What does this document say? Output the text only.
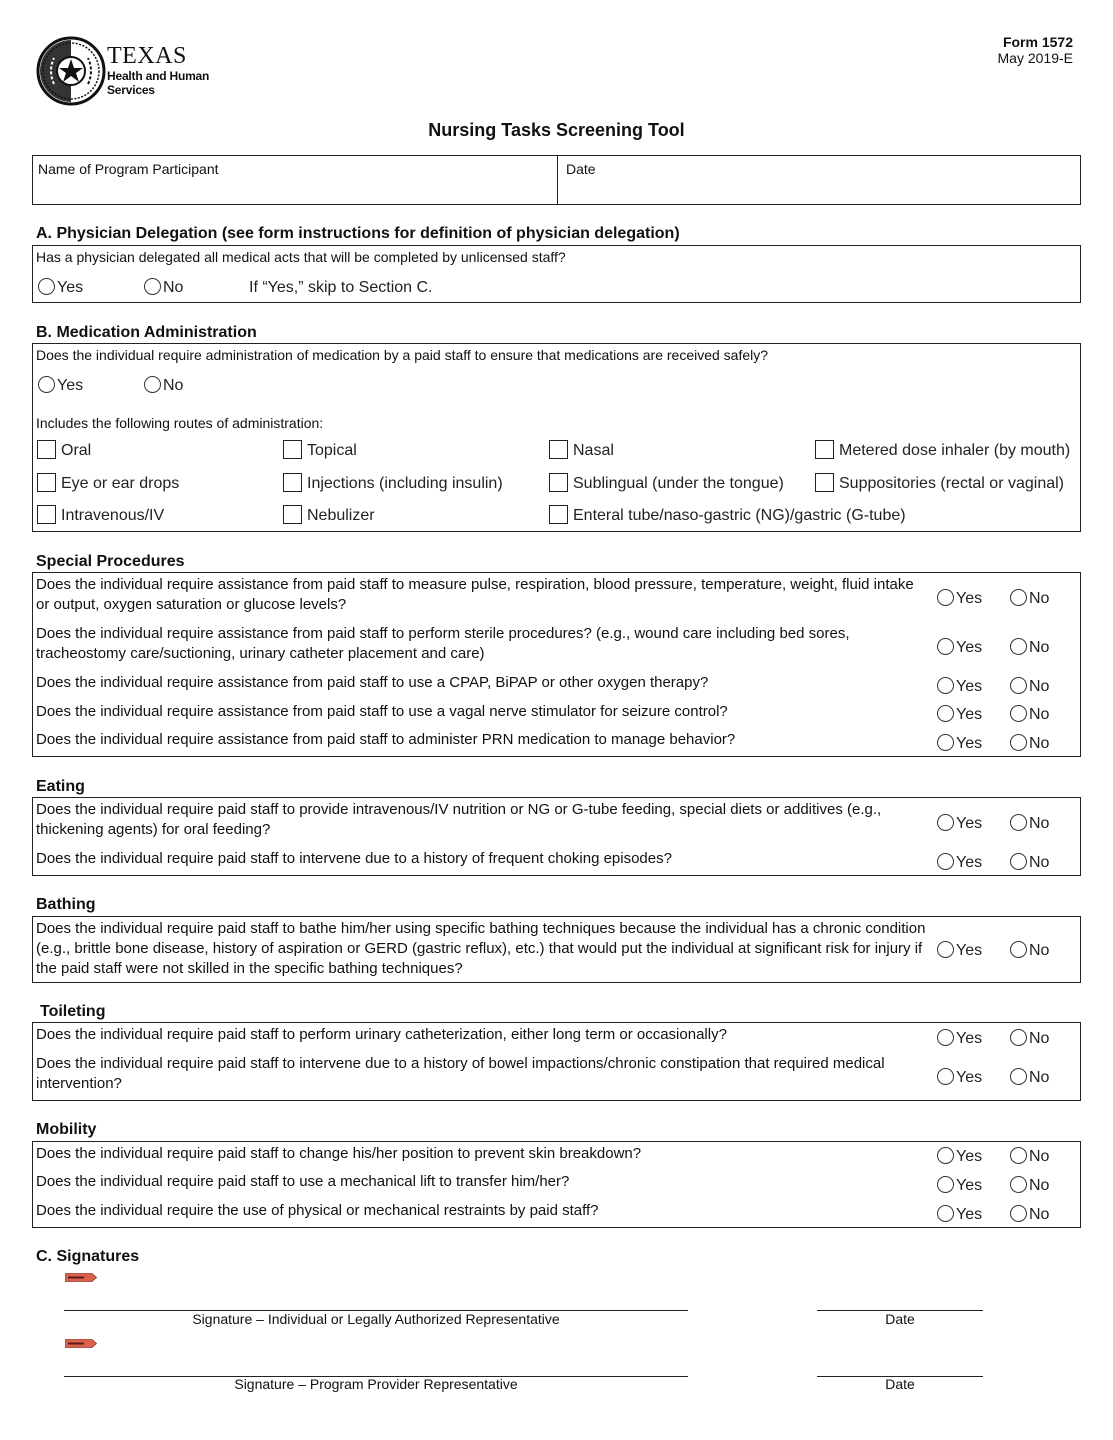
TEXAS
Health and Human
Services
Form 1572
May 2019-E
Nursing Tasks Screening Tool
Name of Program Participant	Date
A. Physician Delegation (see form instructions for definition of physician delegation)
Has a physician delegated all medical acts that will be completed by unlicensed staff?
Yes	No	If “Yes,” skip to Section C.
B. Medication Administration
Does the individual require administration of medication by a paid staff to ensure that medications are received safely?
Yes	No
Includes the following routes of administration:
Oral	Topical	Nasal	Metered dose inhaler (by mouth)
Eye or ear drops	Injections (including insulin)	Sublingual (under the tongue)	Suppositories (rectal or vaginal)
Intravenous/IV	Nebulizer	Enteral tube/naso-gastric (NG)/gastric (G-tube)
Special Procedures
Does the individual require assistance from paid staff to measure pulse, respiration, blood pressure, temperature, weight, fluid intake or output, oxygen saturation or glucose levels?	Yes	No
Does the individual require assistance from paid staff to perform sterile procedures? (e.g., wound care including bed sores, tracheostomy care/suctioning, urinary catheter placement and care)	Yes	No
Does the individual require assistance from paid staff to use a CPAP, BiPAP or other oxygen therapy?	Yes	No
Does the individual require assistance from paid staff to use a vagal nerve stimulator for seizure control?	Yes	No
Does the individual require assistance from paid staff to administer PRN medication to manage behavior?	Yes	No
Eating
Does the individual require paid staff to provide intravenous/IV nutrition or NG or G-tube feeding, special diets or additives (e.g., thickening agents) for oral feeding?	Yes	No
Does the individual require paid staff to intervene due to a history of frequent choking episodes?	Yes	No
Bathing
Does the individual require paid staff to bathe him/her using specific bathing techniques because the individual has a chronic condition (e.g., brittle bone disease, history of aspiration or GERD (gastric reflux), etc.) that would put the individual at significant risk for injury if the paid staff were not skilled in the specific bathing techniques?
Yes	No
Toileting
Does the individual require paid staff to perform urinary catheterization, either long term or occasionally?	Yes	No
Does the individual require paid staff to intervene due to a history of bowel impactions/chronic constipation that required medical intervention?	Yes	No
Mobility
Does the individual require paid staff to change his/her position to prevent skin breakdown?	Yes	No
Does the individual require paid staff to use a mechanical lift to transfer him/her?	Yes	No
Does the individual require the use of physical or mechanical restraints by paid staff?	Yes	No
C. Signatures
Signature – Individual or Legally Authorized Representative	Date
Signature – Program Provider Representative	Date
